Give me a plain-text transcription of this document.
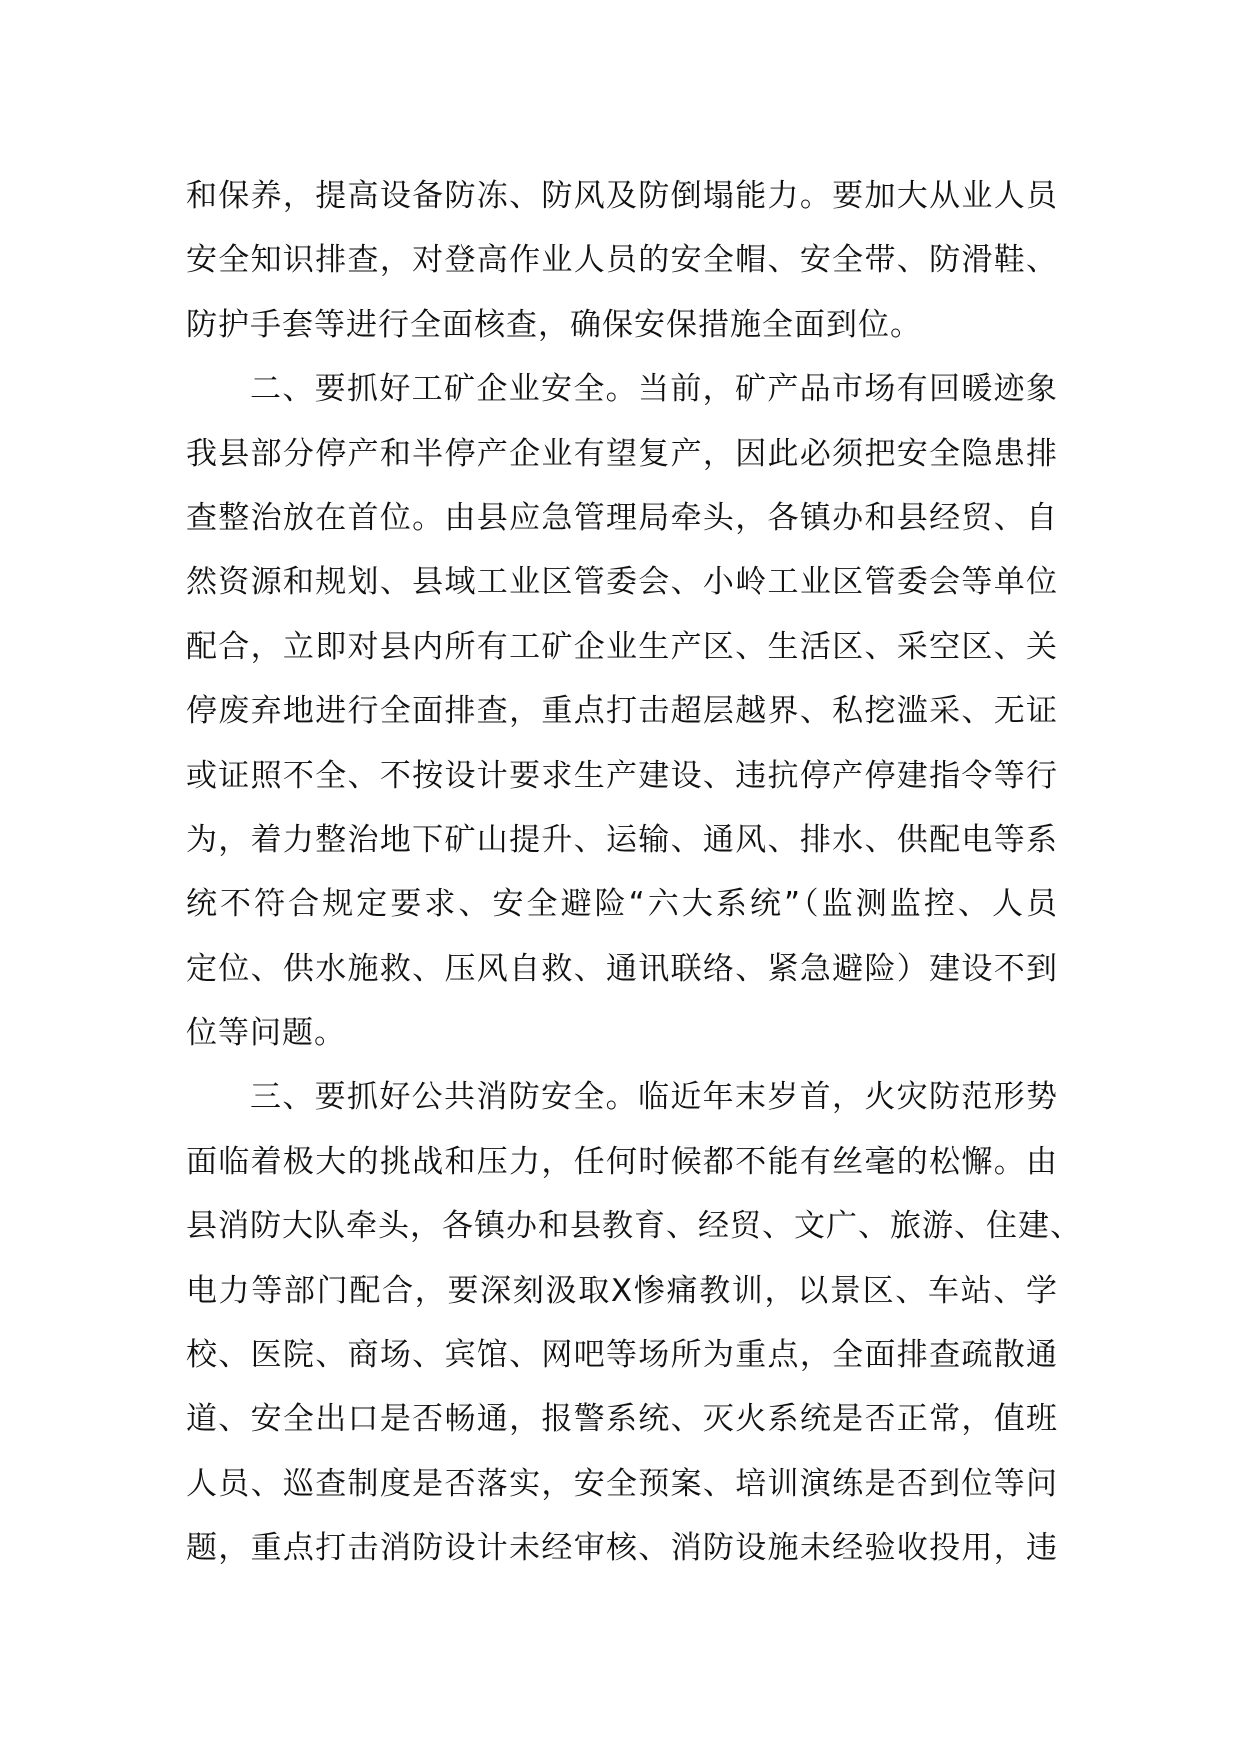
和保养，提高设备防冻、防风及防倒塌能力。要加大从业人员
安全知识排查，对登高作业人员的安全帽、安全带、防滑鞋、
防护手套等进行全面核查，确保安保措施全面到位。
二、要抓好工矿企业安全。当前，矿产品市场有回暖迹象
我县部分停产和半停产企业有望复产，因此必须把安全隐患排
查整治放在首位。由县应急管理局牵头，各镇办和县经贸、自
然资源和规划、县域工业区管委会、小岭工业区管委会等单位
配合，立即对县内所有工矿企业生产区、生活区、采空区、关
停废弃地进行全面排查，重点打击超层越界、私挖滥采、无证
或证照不全、不按设计要求生产建设、违抗停产停建指令等行
为，着力整治地下矿山提升、运输、通风、排水、供配电等系
统不符合规定要求、安全避险“六大系统”（监测监控、人员
定位、供水施救、压风自救、通讯联络、紧急避险）建设不到
位等问题。
三、要抓好公共消防安全。临近年末岁首，火灾防范形势
面临着极大的挑战和压力，任何时候都不能有丝毫的松懈。由
县消防大队牵头，各镇办和县教育、经贸、文广、旅游、住建、
电力等部门配合，要深刻汲取X惨痛教训，以景区、车站、学
校、医院、商场、宾馆、网吧等场所为重点，全面排查疏散通
道、安全出口是否畅通，报警系统、灭火系统是否正常，值班
人员、巡查制度是否落实，安全预案、培训演练是否到位等问
题，重点打击消防设计未经审核、消防设施未经验收投用，违
